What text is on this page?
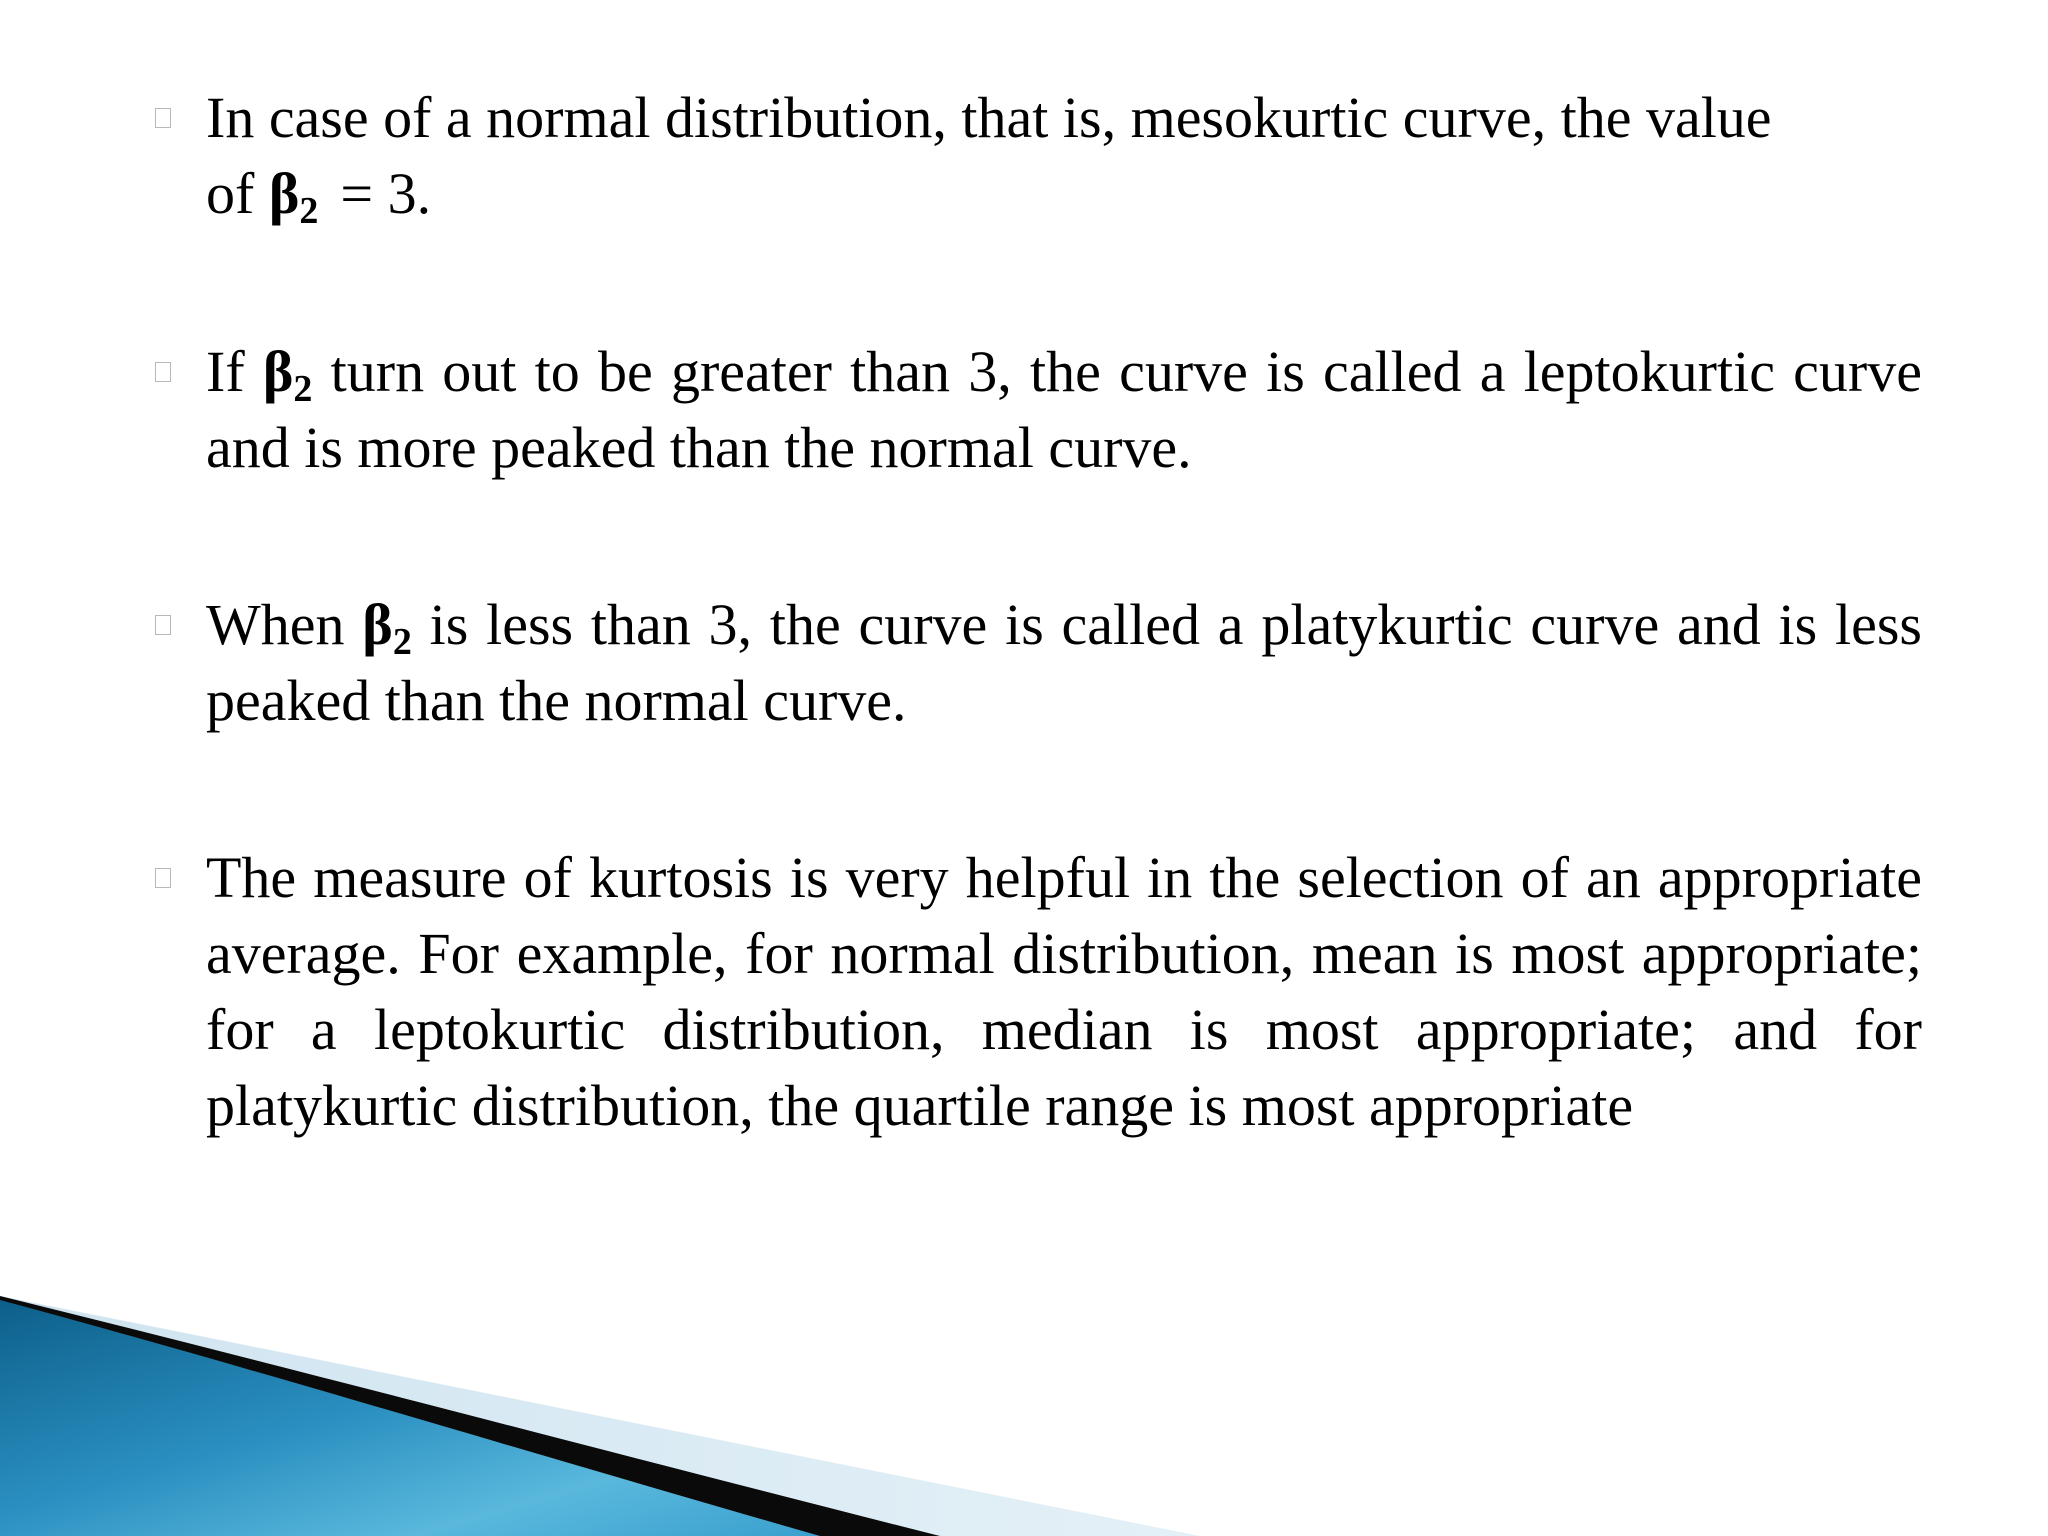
In case of a normal distribution, that is, mesokurtic curve, the value
of $\beta_2 = 3$.

If $\beta_2$ turn out to be greater than 3, the curve is called a leptokurtic curve and is more peaked than the normal curve.

When $\beta_2$ is less than 3, the curve is called a platykurtic curve and is less peaked than the normal curve.

The measure of kurtosis is very helpful in the selection of an appropriate average. For example, for normal distribution, mean is most appropriate; for a leptokurtic distribution, median is most appropriate; and for platykurtic distribution, the quartile range is most appropriate
